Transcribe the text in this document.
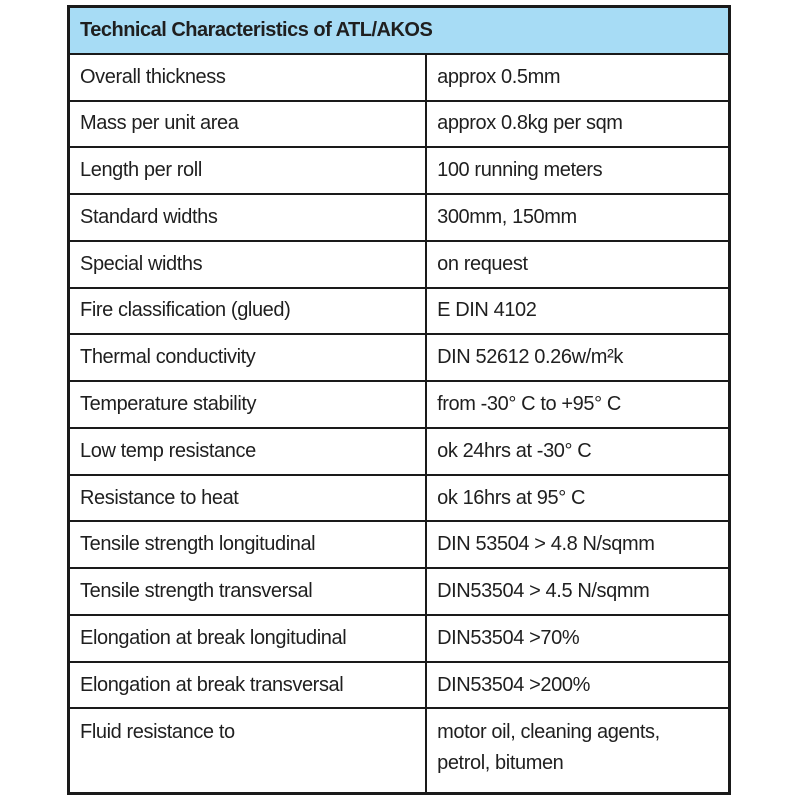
Technical Characteristics of ATL/AKOS	
Overall thickness	approx 0.5mm
Mass per unit area	approx 0.8kg per sqm
Length per roll	100 running meters
Standard widths	300mm, 150mm
Special widths	on request
Fire classification (glued)	E DIN 4102
Thermal conductivity	DIN 52612 0.26w/m²k
Temperature stability	from -30° C to +95° C
Low temp resistance	ok 24hrs at -30° C
Resistance to heat	ok 16hrs at 95° C
Tensile strength longitudinal	DIN 53504 > 4.8 N/sqmm
Tensile strength transversal	DIN53504 > 4.5 N/sqmm
Elongation at break longitudinal	DIN53504 >70%
Elongation at break transversal	DIN53504 >200%
Fluid resistance to	motor oil, cleaning agents,
petrol, bitumen
